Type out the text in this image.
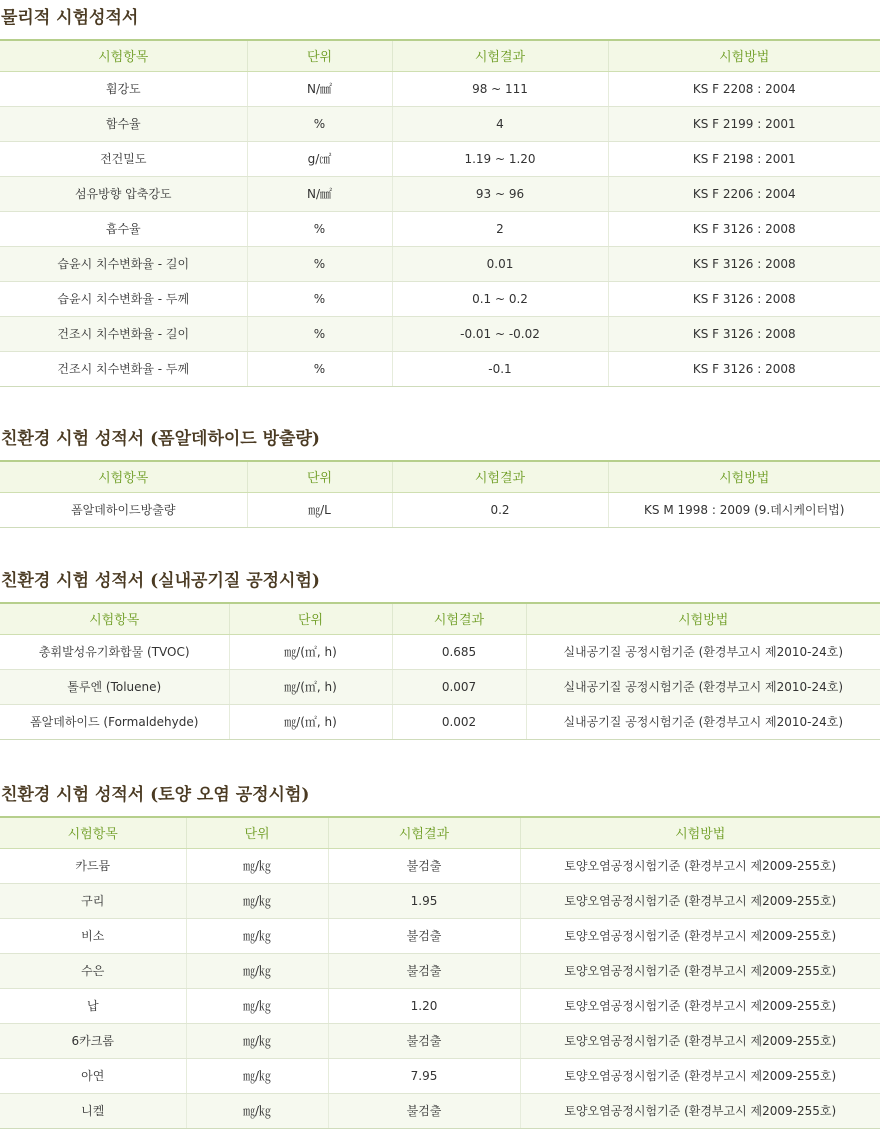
물리적 시험성적서
시험항목	단위	시험결과	시험방법
휨강도	N/㎟	98 ~ 111	KS F 2208 : 2004
함수율	%	4	KS F 2199 : 2001
전건밀도	g/㎠	1.19 ~ 1.20	KS F 2198 : 2001
섬유방향 압축강도	N/㎟	93 ~ 96	KS F 2206 : 2004
흡수율	%	2	KS F 3126 : 2008
습윤시 치수변화율 - 길이	%	0.01	KS F 3126 : 2008
습윤시 치수변화율 - 두께	%	0.1 ~ 0.2	KS F 3126 : 2008
건조시 치수변화율 - 길이	%	-0.01 ~ -0.02	KS F 3126 : 2008
건조시 치수변화율 - 두께	%	-0.1	KS F 3126 : 2008
친환경 시험 성적서 (폼알데하이드 방출량)
시험항목	단위	시험결과	시험방법
폼알데하이드방출량	㎎/L	0.2	KS M 1998 : 2009 (9.데시케이터법)
친환경 시험 성적서 (실내공기질 공정시험)
시험항목	단위	시험결과	시험방법
총휘발성유기화합물 (TVOC)	㎎/(㎡, h)	0.685	실내공기질 공정시험기준 (환경부고시 제2010-24호)
톨루엔 (Toluene)	㎎/(㎡, h)	0.007	실내공기질 공정시험기준 (환경부고시 제2010-24호)
폼알데하이드 (Formaldehyde)	㎎/(㎡, h)	0.002	실내공기질 공정시험기준 (환경부고시 제2010-24호)
친환경 시험 성적서 (토양 오염 공정시험)
시험항목	단위	시험결과	시험방법
카드뮴	㎎/㎏	불검출	토양오염공정시험기준 (환경부고시 제2009-255호)
구리	㎎/㎏	1.95	토양오염공정시험기준 (환경부고시 제2009-255호)
비소	㎎/㎏	불검출	토양오염공정시험기준 (환경부고시 제2009-255호)
수은	㎎/㎏	불검출	토양오염공정시험기준 (환경부고시 제2009-255호)
납	㎎/㎏	1.20	토양오염공정시험기준 (환경부고시 제2009-255호)
6카크롬	㎎/㎏	불검출	토양오염공정시험기준 (환경부고시 제2009-255호)
아연	㎎/㎏	7.95	토양오염공정시험기준 (환경부고시 제2009-255호)
니켈	㎎/㎏	불검출	토양오염공정시험기준 (환경부고시 제2009-255호)
